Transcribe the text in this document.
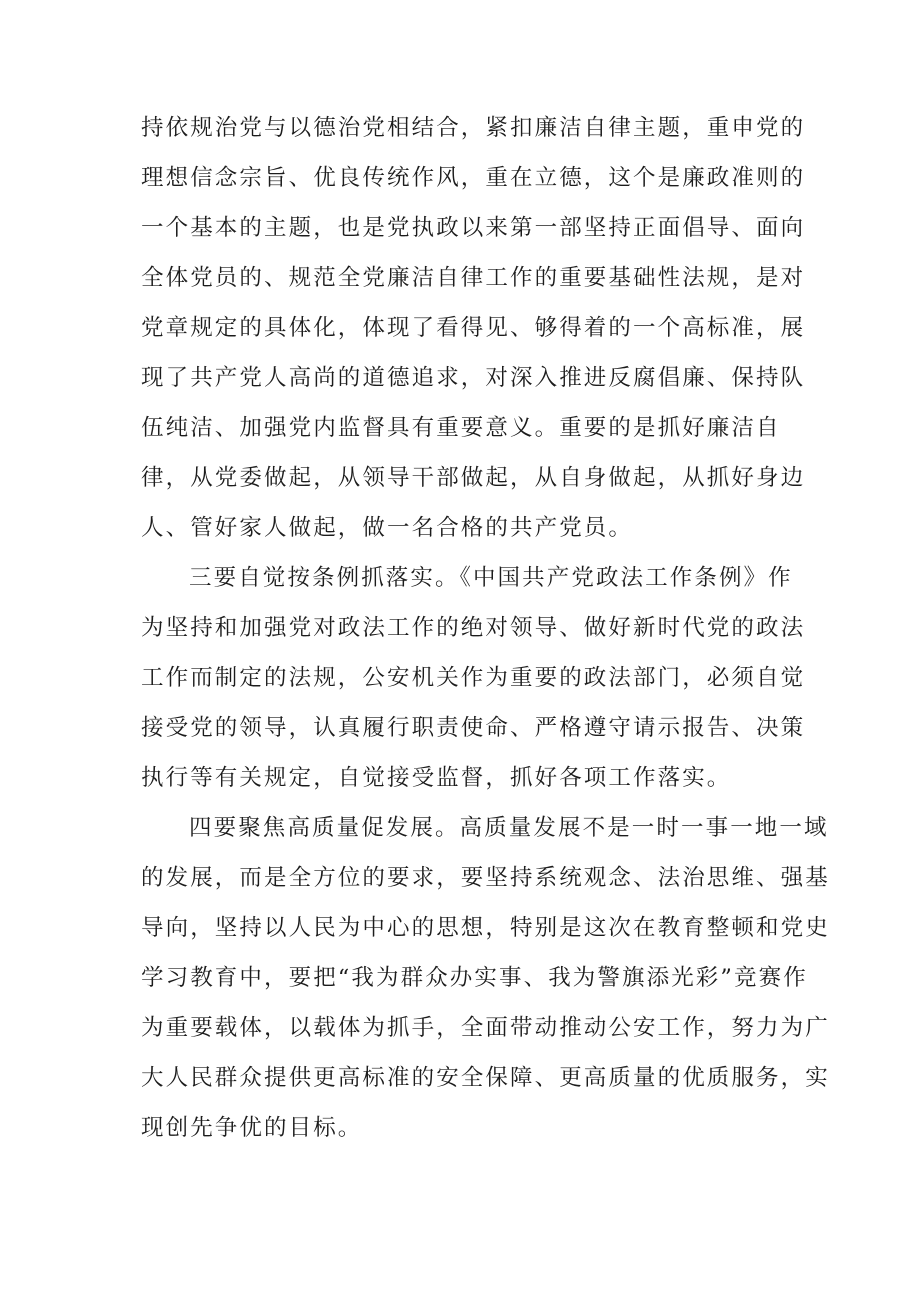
持依规治党与以德治党相结合，紧扣廉洁自律主题，重申党的
理想信念宗旨、优良传统作风，重在立德，这个是廉政准则的
一个基本的主题，也是党执政以来第一部坚持正面倡导、面向
全体党员的、规范全党廉洁自律工作的重要基础性法规，是对
党章规定的具体化，体现了看得见、够得着的一个高标准，展
现了共产党人高尚的道德追求，对深入推进反腐倡廉、保持队
伍纯洁、加强党内监督具有重要意义。重要的是抓好廉洁自
律，从党委做起，从领导干部做起，从自身做起，从抓好身边
人、管好家人做起，做一名合格的共产党员。
三要自觉按条例抓落实。《中国共产党政法工作条例》作
为坚持和加强党对政法工作的绝对领导、做好新时代党的政法
工作而制定的法规，公安机关作为重要的政法部门，必须自觉
接受党的领导，认真履行职责使命、严格遵守请示报告、决策
执行等有关规定，自觉接受监督，抓好各项工作落实。
四要聚焦高质量促发展。高质量发展不是一时一事一地一域
的发展，而是全方位的要求，要坚持系统观念、法治思维、强基
导向，坚持以人民为中心的思想，特别是这次在教育整顿和党史
学习教育中，要把“我为群众办实事、我为警旗添光彩”竞赛作
为重要载体，以载体为抓手，全面带动推动公安工作，努力为广
大人民群众提供更高标准的安全保障、更高质量的优质服务，实
现创先争优的目标。
